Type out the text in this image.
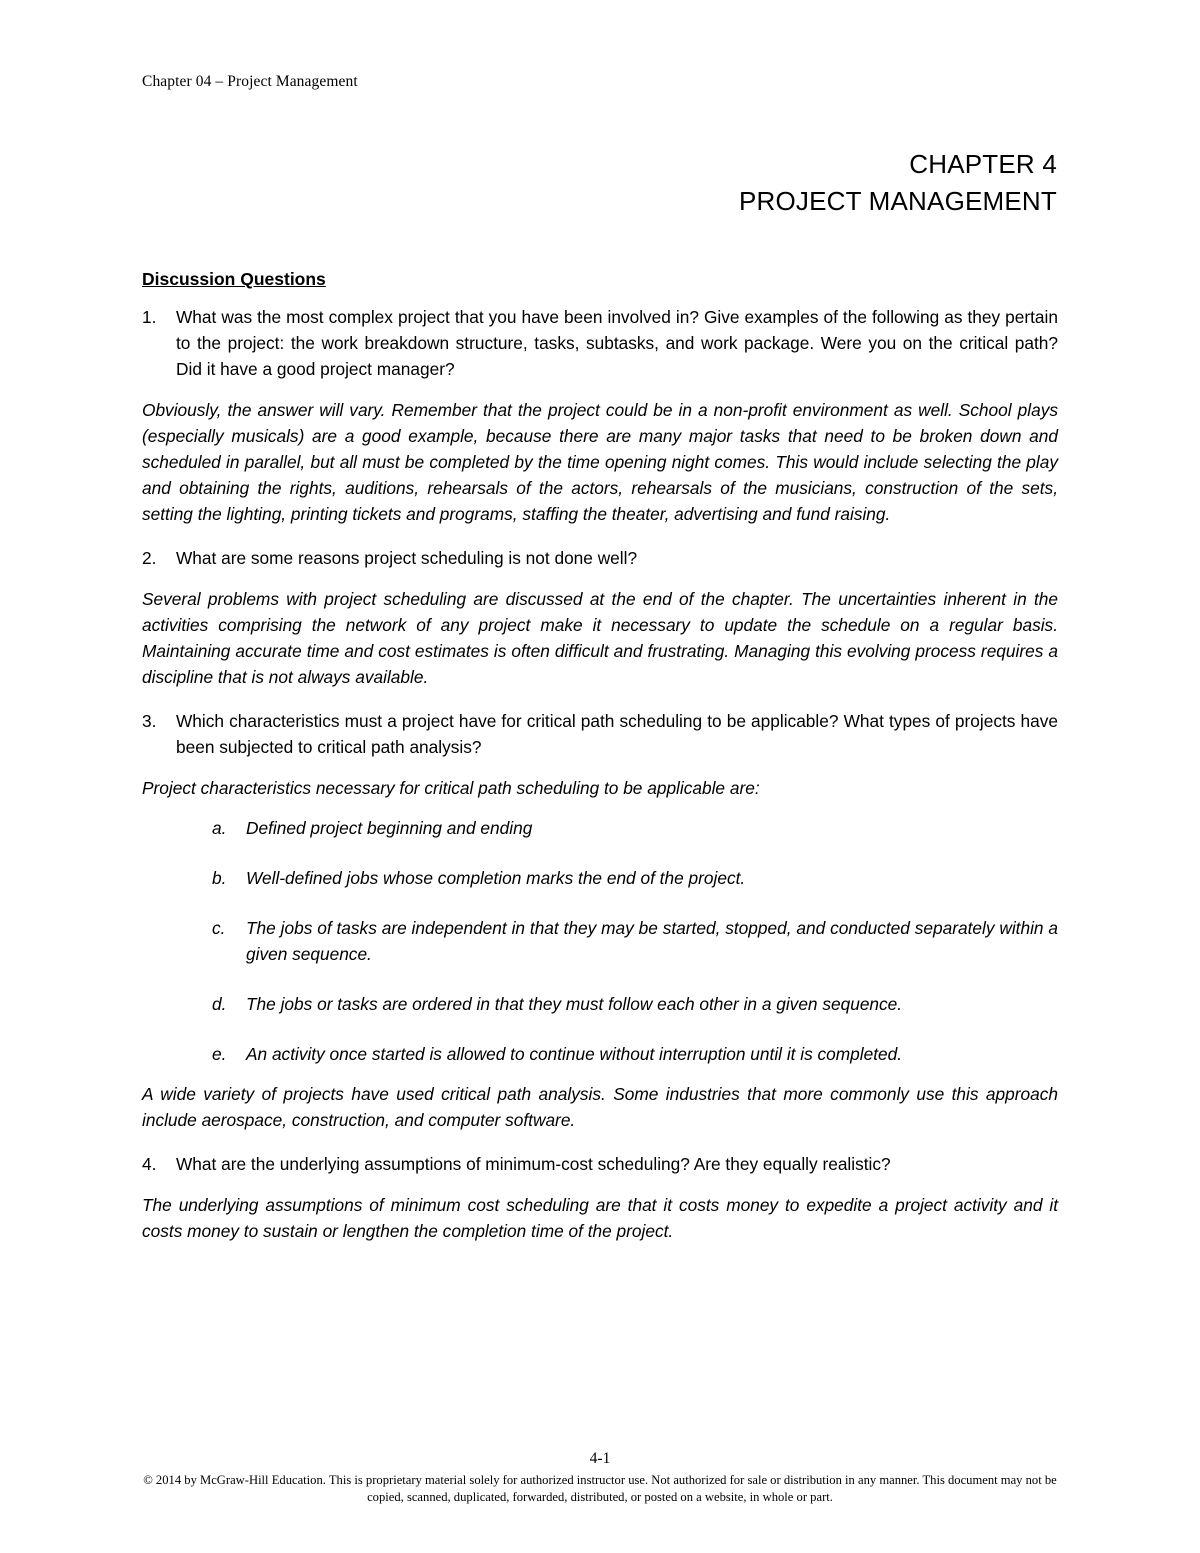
Chapter 04 – Project Management
CHAPTER 4
PROJECT MANAGEMENT
Discussion Questions
1.	What was the most complex project that you have been involved in? Give examples of the following as they pertain to the project: the work breakdown structure, tasks, subtasks, and work package. Were you on the critical path? Did it have a good project manager?
Obviously, the answer will vary. Remember that the project could be in a non-profit environment as well. School plays (especially musicals) are a good example, because there are many major tasks that need to be broken down and scheduled in parallel, but all must be completed by the time opening night comes. This would include selecting the play and obtaining the rights, auditions, rehearsals of the actors, rehearsals of the musicians, construction of the sets, setting the lighting, printing tickets and programs, staffing the theater, advertising and fund raising.
2.	What are some reasons project scheduling is not done well?
Several problems with project scheduling are discussed at the end of the chapter. The uncertainties inherent in the activities comprising the network of any project make it necessary to update the schedule on a regular basis. Maintaining accurate time and cost estimates is often difficult and frustrating. Managing this evolving process requires a discipline that is not always available.
3.	Which characteristics must a project have for critical path scheduling to be applicable? What types of projects have been subjected to critical path analysis?
Project characteristics necessary for critical path scheduling to be applicable are:
a.	Defined project beginning and ending
b.	Well-defined jobs whose completion marks the end of the project.
c.	The jobs of tasks are independent in that they may be started, stopped, and conducted separately within a given sequence.
d.	The jobs or tasks are ordered in that they must follow each other in a given sequence.
e.	An activity once started is allowed to continue without interruption until it is completed.
A wide variety of projects have used critical path analysis. Some industries that more commonly use this approach include aerospace, construction, and computer software.
4.	What are the underlying assumptions of minimum-cost scheduling? Are they equally realistic?
The underlying assumptions of minimum cost scheduling are that it costs money to expedite a project activity and it costs money to sustain or lengthen the completion time of the project.
4-1
© 2014 by McGraw-Hill Education. This is proprietary material solely for authorized instructor use. Not authorized for sale or distribution in any manner. This document may not be copied, scanned, duplicated, forwarded, distributed, or posted on a website, in whole or part.
